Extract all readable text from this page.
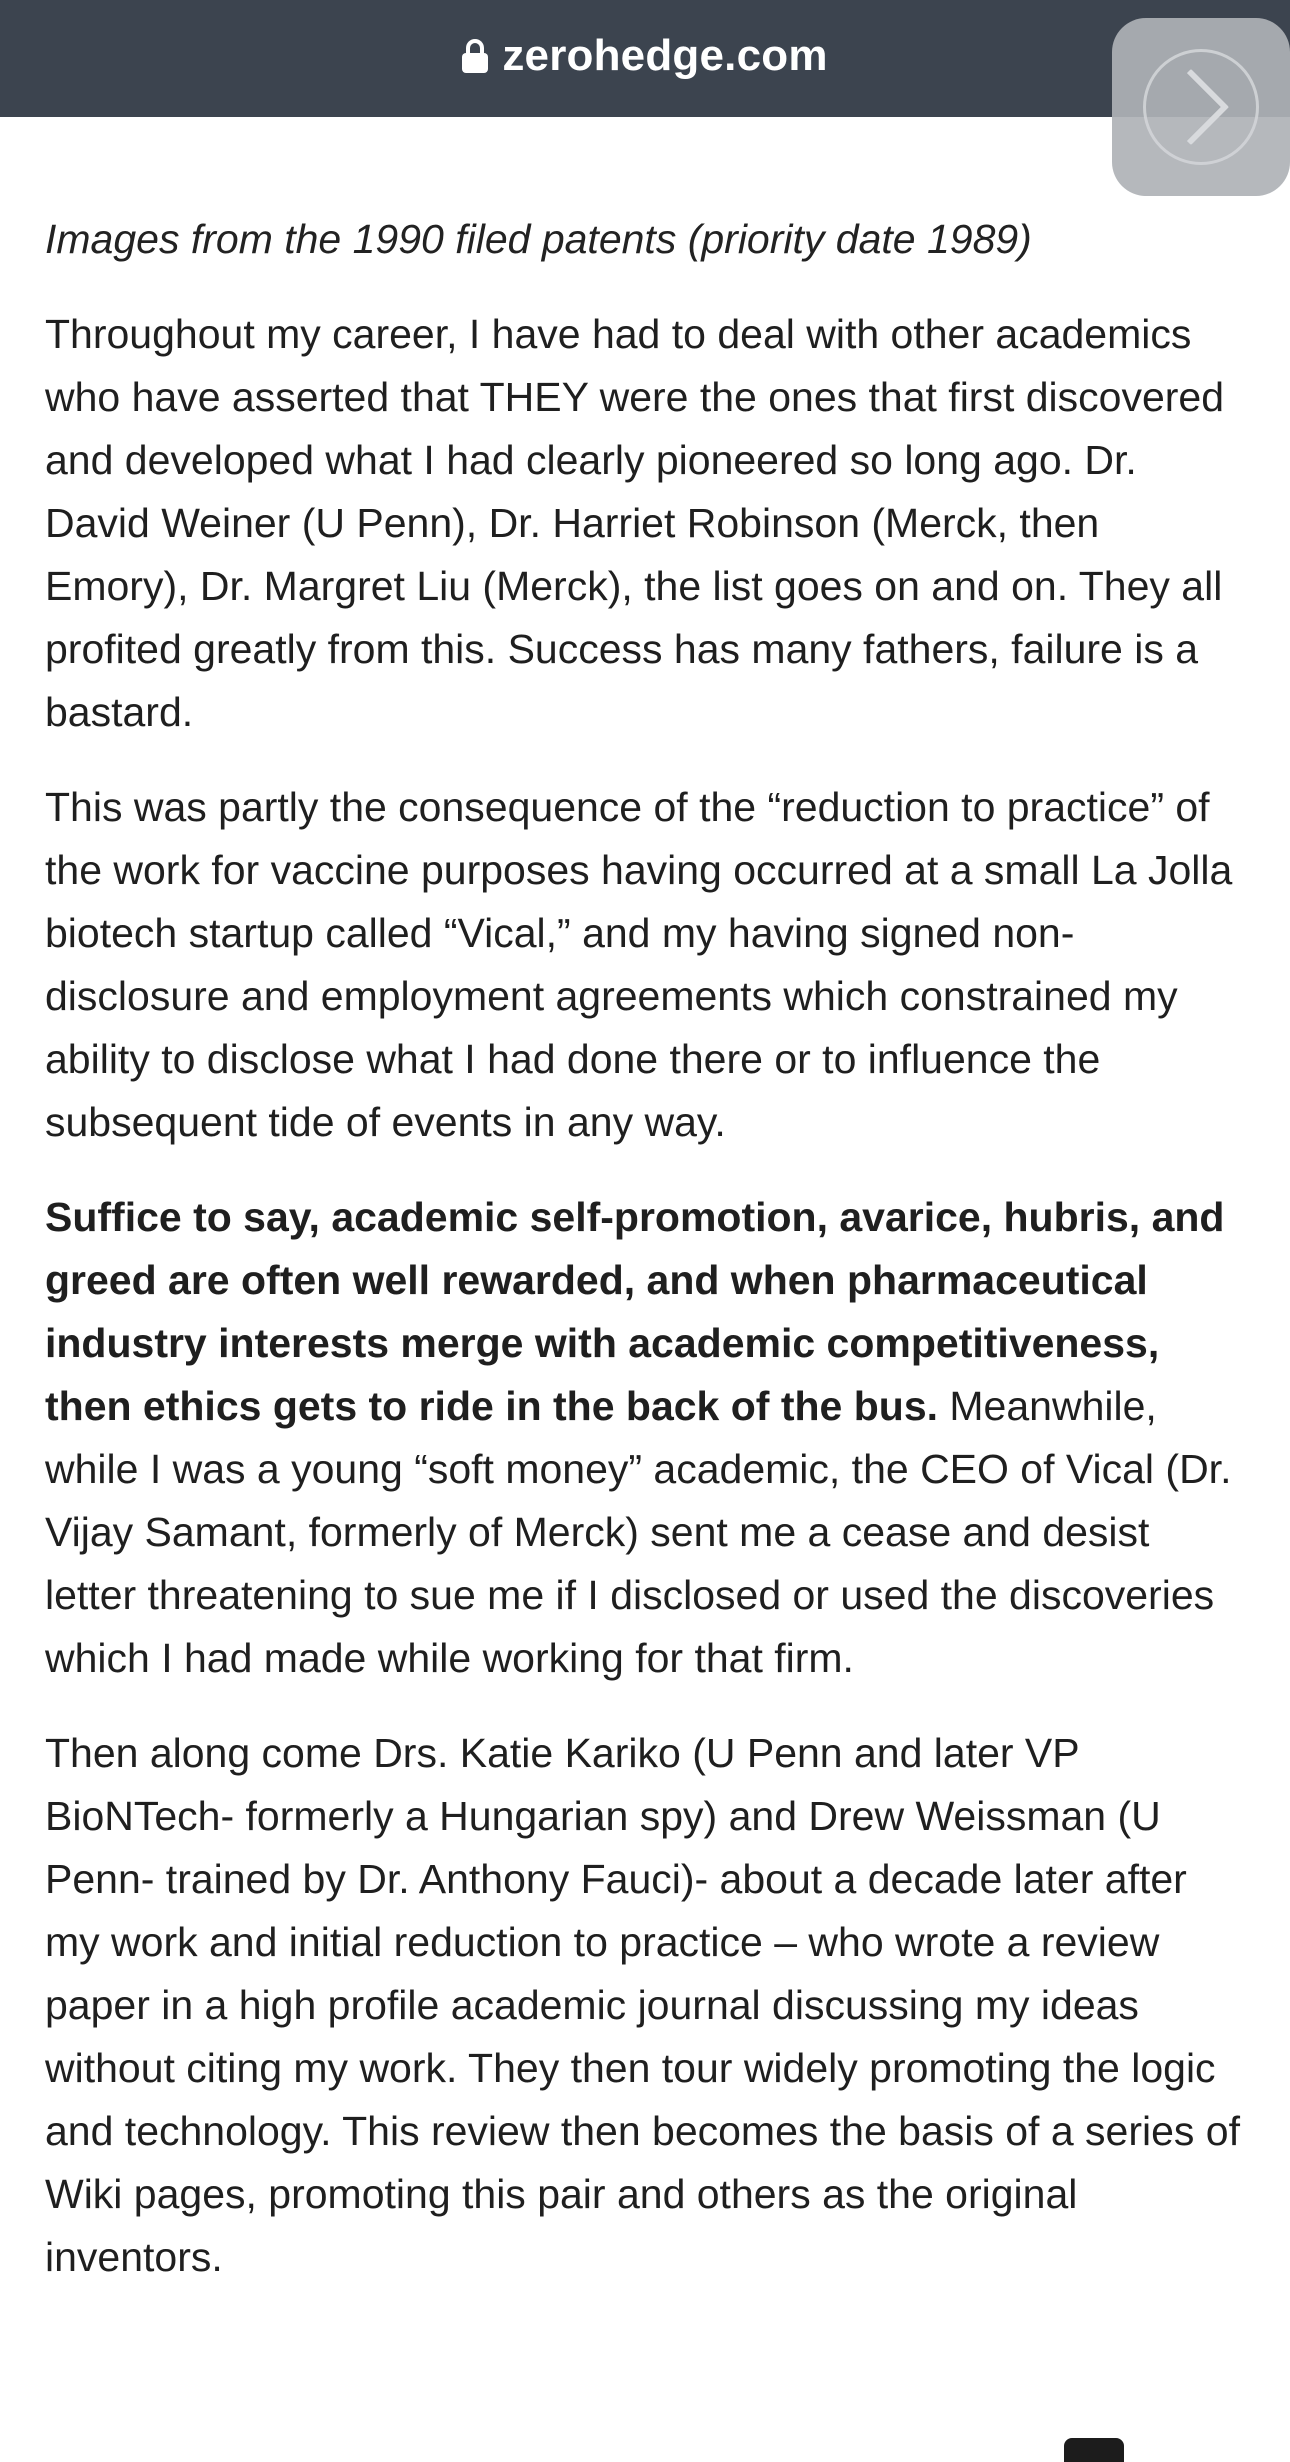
zerohedge.com

Images from the 1990 filed patents (priority date 1989)

Throughout my career, I have had to deal with other academics who have asserted that THEY were the ones that first discovered and developed what I had clearly pioneered so long ago. Dr. David Weiner (U Penn), Dr. Harriet Robinson (Merck, then Emory), Dr. Margret Liu (Merck), the list goes on and on. They all profited greatly from this. Success has many fathers, failure is a bastard.

This was partly the consequence of the “reduction to practice” of the work for vaccine purposes having occurred at a small La Jolla biotech startup called “Vical,” and my having signed non-disclosure and employment agreements which constrained my ability to disclose what I had done there or to influence the subsequent tide of events in any way.

Suffice to say, academic self-promotion, avarice, hubris, and greed are often well rewarded, and when pharmaceutical industry interests merge with academic competitiveness, then ethics gets to ride in the back of the bus. Meanwhile, while I was a young “soft money” academic, the CEO of Vical (Dr. Vijay Samant, formerly of Merck) sent me a cease and desist letter threatening to sue me if I disclosed or used the discoveries which I had made while working for that firm.

Then along come Drs. Katie Kariko (U Penn and later VP BioNTech- formerly a Hungarian spy) and Drew Weissman (U Penn- trained by Dr. Anthony Fauci)- about a decade later after my work and initial reduction to practice – who wrote a review paper in a high profile academic journal discussing my ideas without citing my work. They then tour widely promoting the logic and technology. This review then becomes the basis of a series of Wiki pages, promoting this pair and others as the original inventors.
